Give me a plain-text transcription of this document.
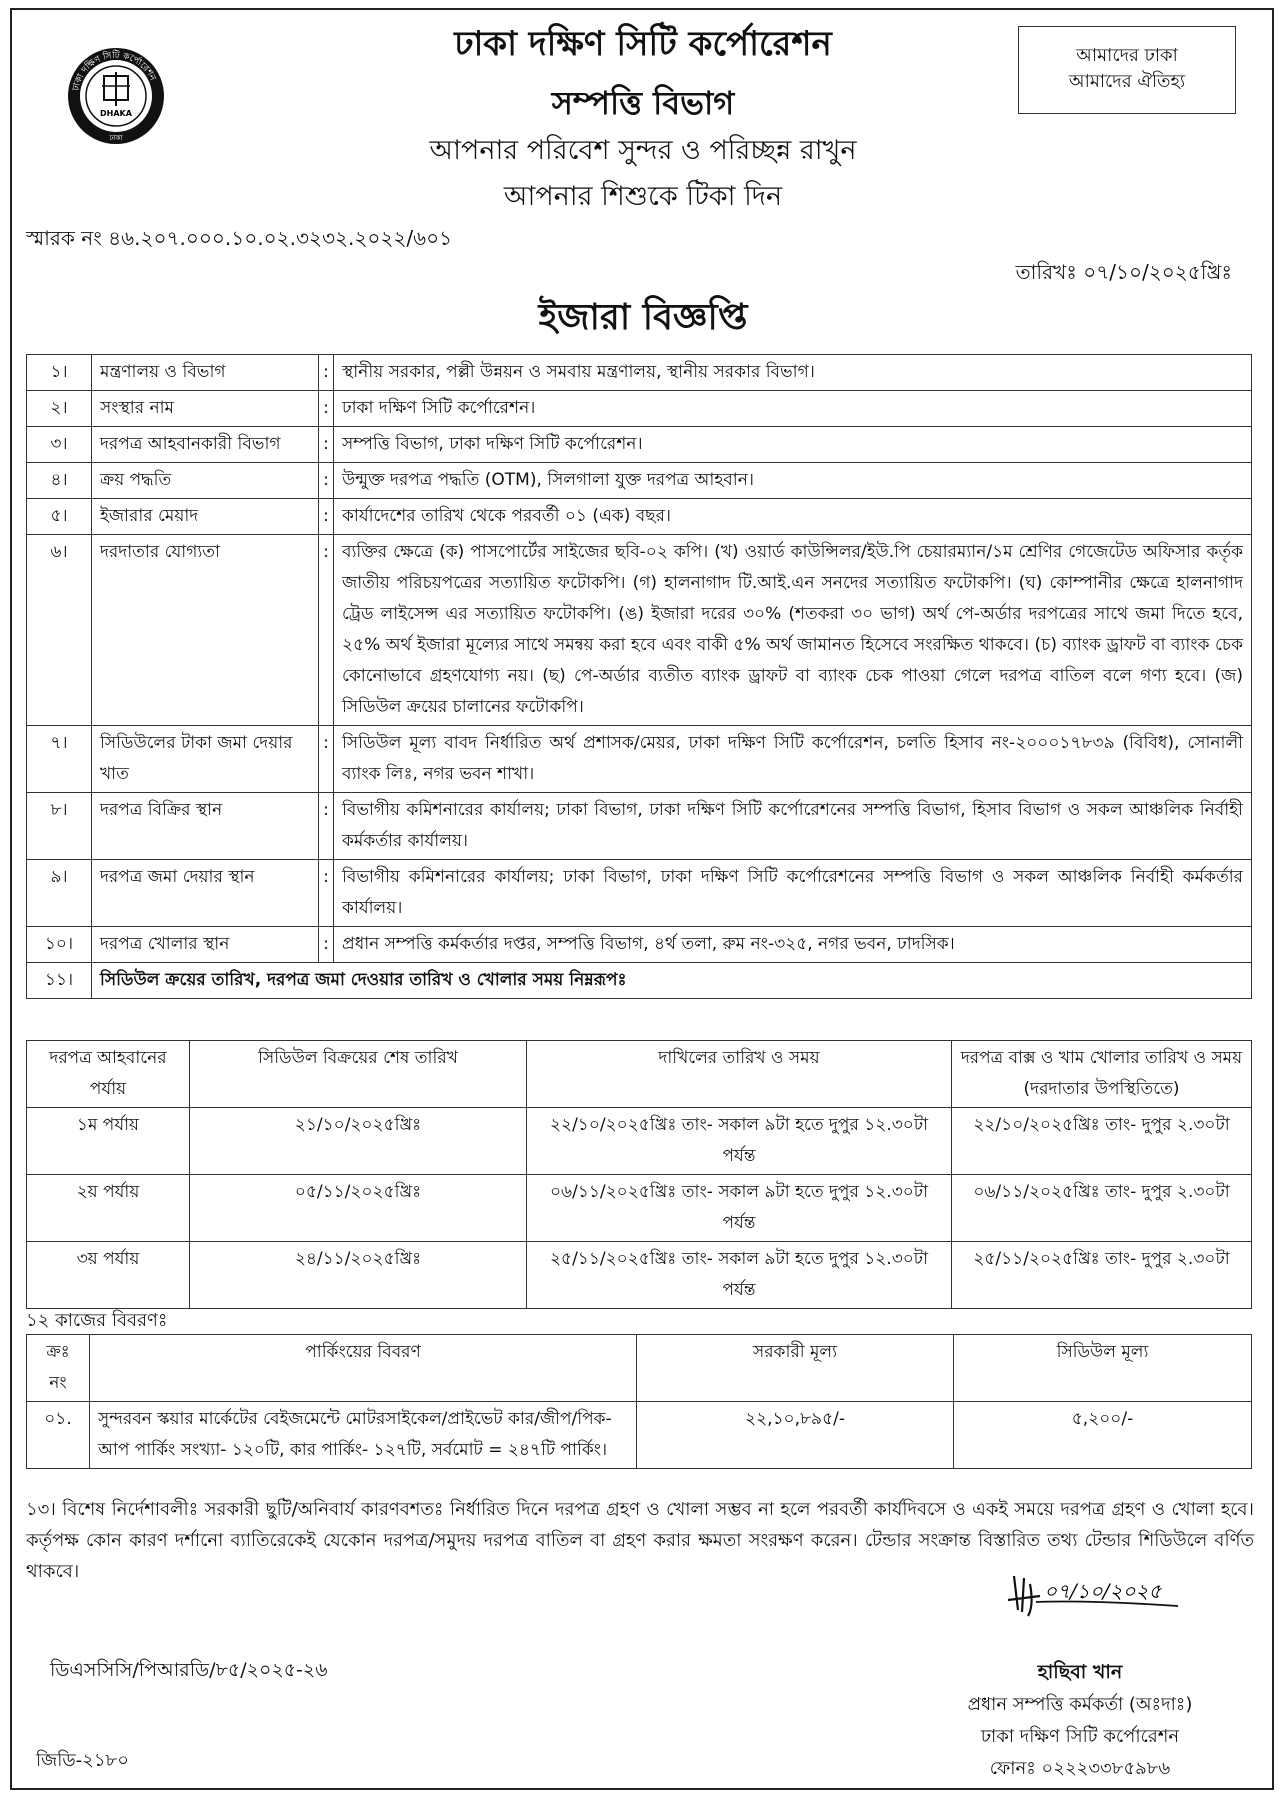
ঢাকা দক্ষিণ সিটি কর্পোরেশন
DHAKA
ঢাকা
ঢাকা দক্ষিণ সিটি কর্পোরেশন
সম্পত্তি বিভাগ
আপনার পরিবেশ সুন্দর ও পরিচ্ছন্ন রাখুন
আপনার শিশুকে টিকা দিন
আমাদের ঢাকা
আমাদের ঐতিহ্য
স্মারক নং ৪৬.২০৭.০০০.১০.০২.৩২৩২.২০২২/৬০১
তারিখঃ ০৭/১০/২০২৫খ্রিঃ
ইজারা বিজ্ঞপ্তি
১।	মন্ত্রণালয় ও বিভাগ	:	স্থানীয় সরকার, পল্লী উন্নয়ন ও সমবায় মন্ত্রণালয়, স্থানীয় সরকার বিভাগ।
২।	সংস্থার নাম	:	ঢাকা দক্ষিণ সিটি কর্পোরেশন।
৩।	দরপত্র আহবানকারী বিভাগ	:	সম্পত্তি বিভাগ, ঢাকা দক্ষিণ সিটি কর্পোরেশন।
৪।	ক্রয় পদ্ধতি	:	উন্মুক্ত দরপত্র পদ্ধতি (OTM), সিলগালা যুক্ত দরপত্র আহবান।
৫।	ইজারার মেয়াদ	:	কার্যাদেশের তারিখ থেকে পরবর্তী ০১ (এক) বছর।
৬।	দরদাতার যোগ্যতা	:	ব্যক্তির ক্ষেত্রে (ক) পাসপোর্টের সাইজের ছবি-০২ কপি। (খ) ওয়ার্ড কাউন্সিলর/ইউ.পি চেয়ারম্যান/১ম শ্রেণির গেজেটেড অফিসার কর্তৃক জাতীয় পরিচয়পত্রের সত্যায়িত ফটোকপি। (গ) হালনাগাদ টি.আই.এন সনদের সত্যায়িত ফটোকপি। (ঘ) কোম্পানীর ক্ষেত্রে হালনাগাদ ট্রেড লাইসেন্স এর সত্যায়িত ফটোকপি। (ঙ) ইজারা দরের ৩০% (শতকরা ৩০ ভাগ) অর্থ পে-অর্ডার দরপত্রের সাথে জমা দিতে হবে, ২৫% অর্থ ইজারা মূল্যের সাথে সমন্বয় করা হবে এবং বাকী ৫% অর্থ জামানত হিসেবে সংরক্ষিত থাকবে। (চ) ব্যাংক ড্রাফট বা ব্যাংক চেক কোনোভাবে গ্রহণযোগ্য নয়। (ছ) পে-অর্ডার ব্যতীত ব্যাংক ড্রাফট বা ব্যাংক চেক পাওয়া গেলে দরপত্র বাতিল বলে গণ্য হবে। (জ) সিডিউল ক্রয়ের চালানের ফটোকপি।
৭।	সিডিউলের টাকা জমা দেয়ার খাত	:	সিডিউল মূল্য বাবদ নির্ধারিত অর্থ প্রশাসক/মেয়র, ঢাকা দক্ষিণ সিটি কর্পোরেশন, চলতি হিসাব নং-২০০০১৭৮৩৯ (বিবিধ), সোনালী ব্যাংক লিঃ, নগর ভবন শাখা।
৮।	দরপত্র বিক্রির স্থান	:	বিভাগীয় কমিশনারের কার্যালয়; ঢাকা বিভাগ, ঢাকা দক্ষিণ সিটি কর্পোরেশনের সম্পত্তি বিভাগ, হিসাব বিভাগ ও সকল আঞ্চলিক নির্বাহী কর্মকর্তার কার্যালয়।
৯।	দরপত্র জমা দেয়ার স্থান	:	বিভাগীয় কমিশনারের কার্যালয়; ঢাকা বিভাগ, ঢাকা দক্ষিণ সিটি কর্পোরেশনের সম্পত্তি বিভাগ ও সকল আঞ্চলিক নির্বাহী কর্মকর্তার কার্যালয়।
১০।	দরপত্র খোলার স্থান	:	প্রধান সম্পত্তি কর্মকর্তার দপ্তর, সম্পত্তি বিভাগ, ৪র্থ তলা, রুম নং-৩২৫, নগর ভবন, ঢাদসিক।
১১।	সিডিউল ক্রয়ের তারিখ, দরপত্র জমা দেওয়ার তারিখ ও খোলার সময় নিম্নরূপঃ		
দরপত্র আহবানের পর্যায়	সিডিউল বিক্রয়ের শেষ তারিখ	দাখিলের তারিখ ও সময়	দরপত্র বাক্স ও খাম খোলার তারিখ ও সময় (দরদাতার উপস্থিতিতে)
১ম পর্যায়	২১/১০/২০২৫খ্রিঃ	২২/১০/২০২৫খ্রিঃ তাং- সকাল ৯টা হতে দুপুর ১২.৩০টা পর্যন্ত	২২/১০/২০২৫খ্রিঃ তাং- দুপুর ২.৩০টা
২য় পর্যায়	০৫/১১/২০২৫খ্রিঃ	০৬/১১/২০২৫খ্রিঃ তাং- সকাল ৯টা হতে দুপুর ১২.৩০টা পর্যন্ত	০৬/১১/২০২৫খ্রিঃ তাং- দুপুর ২.৩০টা
৩য় পর্যায়	২৪/১১/২০২৫খ্রিঃ	২৫/১১/২০২৫খ্রিঃ তাং- সকাল ৯টা হতে দুপুর ১২.৩০টা পর্যন্ত	২৫/১১/২০২৫খ্রিঃ তাং- দুপুর ২.৩০টা
১২ কাজের বিবরণঃ
ক্রঃ নং	পার্কিংয়ের বিবরণ	সরকারী মূল্য	সিডিউল মূল্য
০১.	সুন্দরবন স্কয়ার মার্কেটের বেইজমেন্টে মোটরসাইকেল/প্রাইভেট কার/জীপ/পিক-আপ পার্কিং সংখ্যা- ১২০টি, কার পার্কিং- ১২৭টি, সর্বমোট = ২৪৭টি পার্কিং।	২২,১০,৮৯৫/-	৫,২০০/-
১৩। বিশেষ নির্দেশাবলীঃ সরকারী ছুটি/অনিবার্য কারণবশতঃ নির্ধারিত দিনে দরপত্র গ্রহণ ও খোলা সম্ভব না হলে পরবর্তী কার্যদিবসে ও একই সময়ে দরপত্র গ্রহণ ও খোলা হবে। কর্তৃপক্ষ কোন কারণ দর্শানো ব্যাতিরেকেই যেকোন দরপত্র/সমুদয় দরপত্র বাতিল বা গ্রহণ করার ক্ষমতা সংরক্ষণ করেন। টেন্ডার সংক্রান্ত বিস্তারিত তথ্য টেন্ডার শিডিউলে বর্ণিত থাকবে।
০৭/১০/২০২৫
ডিএসসিসি/পিআরডি/৮৫/২০২৫-২৬
জিডি-২১৮০
হাছিবা খান
প্রধান সম্পত্তি কর্মকর্তা (অঃদাঃ)
ঢাকা দক্ষিণ সিটি কর্পোরেশন
ফোনঃ ০২২২৩৩৮৫৯৮৬
